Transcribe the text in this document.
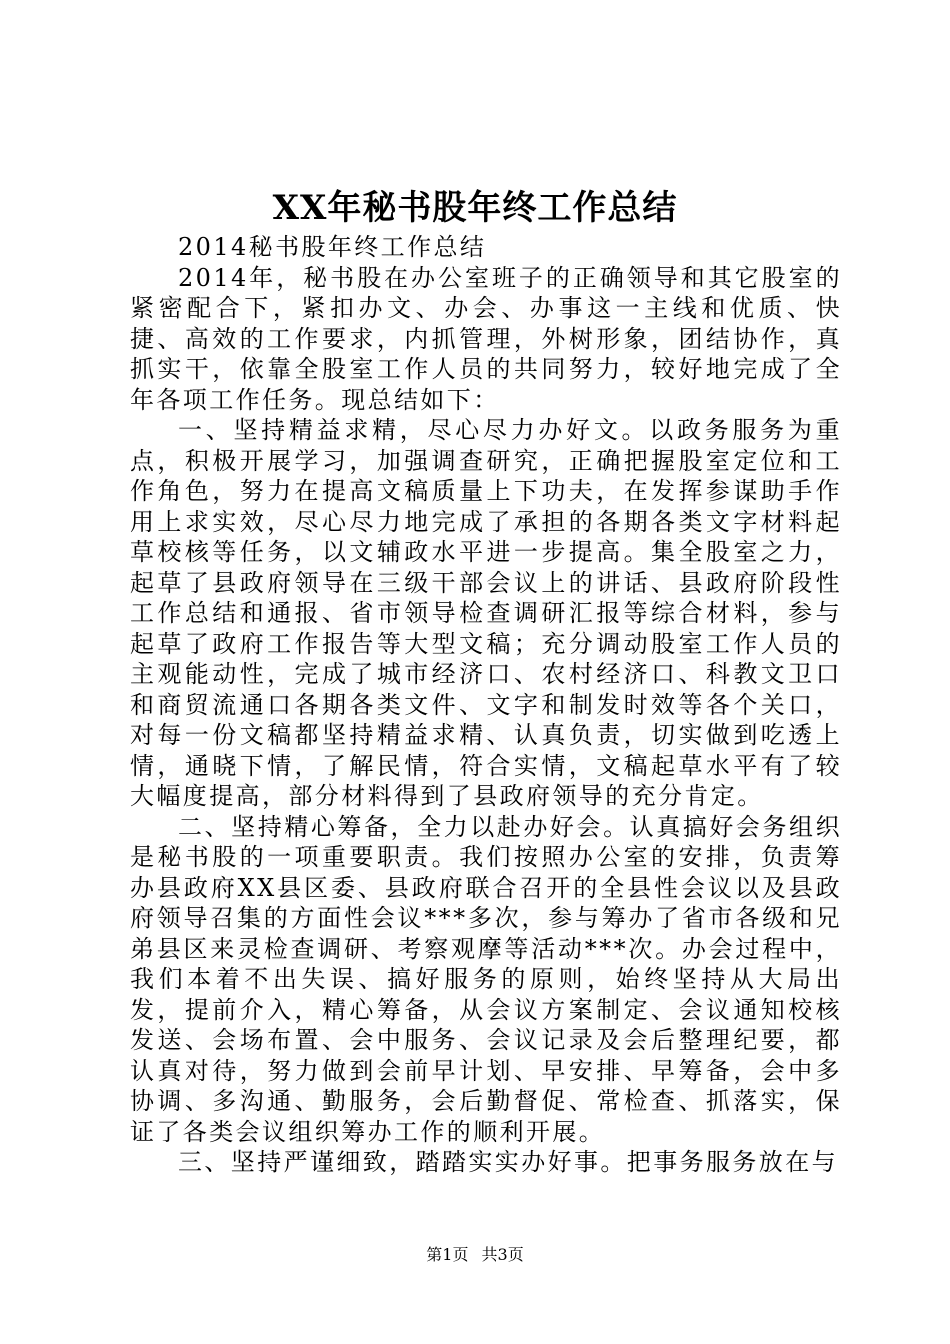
XX年秘书股年终工作总结

2014秘书股年终工作总结

2014年，秘书股在办公室班子的正确领导和其它股室的紧密配合下，紧扣办文、办会、办事这一主线和优质、快捷、高效的工作要求，内抓管理，外树形象，团结协作，真抓实干，依靠全股室工作人员的共同努力，较好地完成了全年各项工作任务。现总结如下：

一、坚持精益求精，尽心尽力办好文。以政务服务为重点，积极开展学习，加强调查研究，正确把握股室定位和工作角色，努力在提高文稿质量上下功夫，在发挥参谋助手作用上求实效，尽心尽力地完成了承担的各期各类文字材料起草校核等任务，以文辅政水平进一步提高。集全股室之力，起草了县政府领导在三级干部会议上的讲话、县政府阶段性工作总结和通报、省市领导检查调研汇报等综合材料，参与起草了政府工作报告等大型文稿；充分调动股室工作人员的主观能动性，完成了城市经济口、农村经济口、科教文卫口和商贸流通口各期各类文件、文字和制发时效等各个关口，对每一份文稿都坚持精益求精、认真负责，切实做到吃透上情，通晓下情，了解民情，符合实情，文稿起草水平有了较大幅度提高，部分材料得到了县政府领导的充分肯定。

二、坚持精心筹备，全力以赴办好会。认真搞好会务组织是秘书股的一项重要职责。我们按照办公室的安排，负责筹办县政府XX县区委、县政府联合召开的全县性会议以及县政府领导召集的方面性会议***多次，参与筹办了省市各级和兄弟县区来灵检查调研、考察观摩等活动***次。办会过程中，我们本着不出失误、搞好服务的原则，始终坚持从大局出发，提前介入，精心筹备，从会议方案制定、会议通知校核发送、会场布置、会中服务、会议记录及会后整理纪要，都认真对待，努力做到会前早计划、早安排、早筹备，会中多协调、多沟通、勤服务，会后勤督促、常检查、抓落实，保证了各类会议组织筹办工作的顺利开展。

三、坚持严谨细致，踏踏实实办好事。把事务服务放在与

第1页 共3页
